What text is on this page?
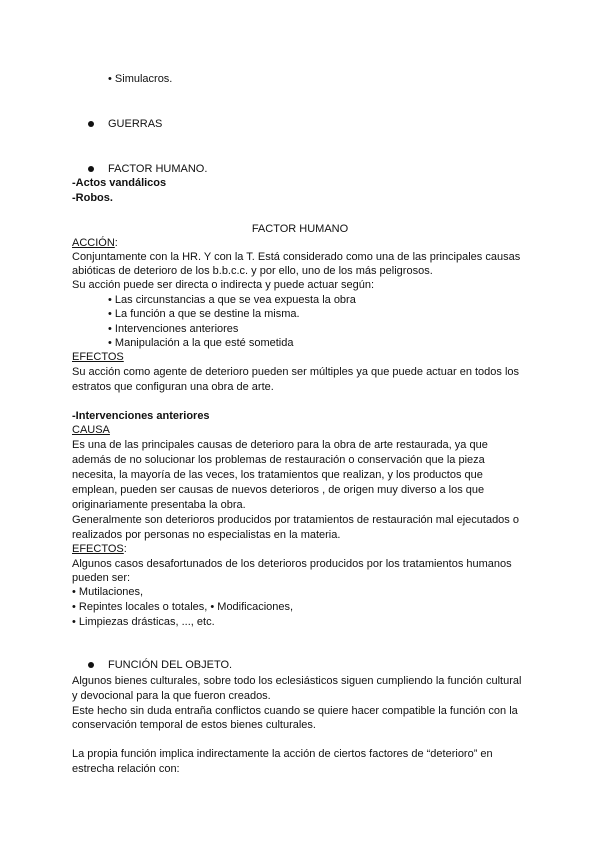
• Simulacros.
GUERRAS
FACTOR HUMANO.
-Actos vandálicos
-Robos.
FACTOR HUMANO
ACCIÓN:
Conjuntamente con la HR. Y con la T. Está considerado como una de las principales causas
abióticas de deterioro de los b.b.c.c. y por ello, uno de los más peligrosos.
Su acción puede ser directa o indirecta y puede actuar según:
• Las circunstancias a que se vea expuesta la obra
• La función a que se destine la misma.
• Intervenciones anteriores
• Manipulación a la que esté sometida
EFECTOS
Su acción como agente de deterioro pueden ser múltiples ya que puede actuar en todos los
estratos que configuran una obra de arte.
-Intervenciones anteriores
CAUSA
Es una de las principales causas de deterioro para la obra de arte restaurada, ya que
además de no solucionar los problemas de restauración o conservación que la pieza
necesita, la mayoría de las veces, los tratamientos que realizan, y los productos que
emplean, pueden ser causas de nuevos deterioros , de origen muy diverso a los que
originariamente presentaba la obra.
Generalmente son deterioros producidos por tratamientos de restauración mal ejecutados o
realizados por personas no especialistas en la materia.
EFECTOS:
Algunos casos desafortunados de los deterioros producidos por los tratamientos humanos
pueden ser:
• Mutilaciones,
• Repintes locales o totales, • Modificaciones,
• Limpiezas drásticas, ..., etc.
FUNCIÓN DEL OBJETO.
Algunos bienes culturales, sobre todo los eclesiásticos siguen cumpliendo la función cultural
y devocional para la que fueron creados.
Este hecho sin duda entraña conflictos cuando se quiere hacer compatible la función con la
conservación temporal de estos bienes culturales.
La propia función implica indirectamente la acción de ciertos factores de “deterioro” en
estrecha relación con:
